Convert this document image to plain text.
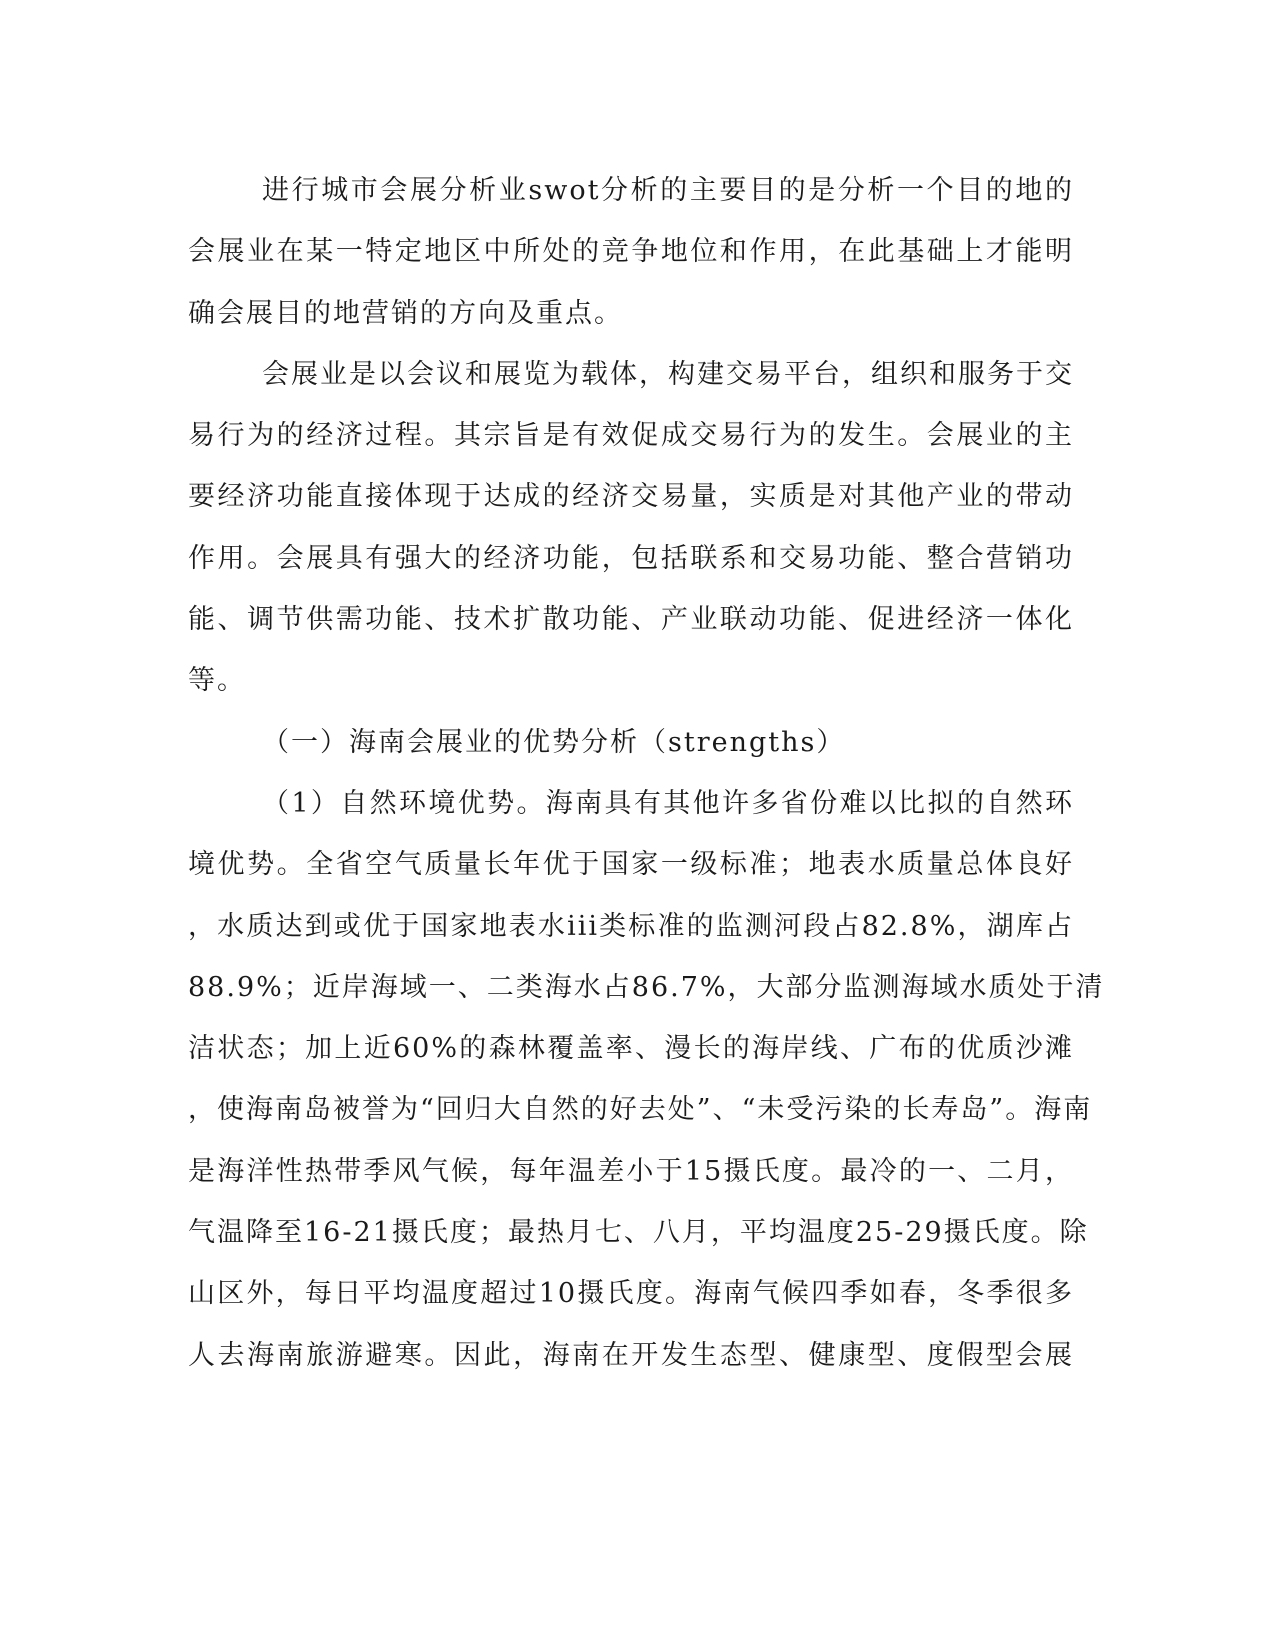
进行城市会展分析业swot分析的主要目的是分析一个目的地的
会展业在某一特定地区中所处的竞争地位和作用，在此基础上才能明
确会展目的地营销的方向及重点。
会展业是以会议和展览为载体，构建交易平台，组织和服务于交
易行为的经济过程。其宗旨是有效促成交易行为的发生。会展业的主
要经济功能直接体现于达成的经济交易量，实质是对其他产业的带动
作用。会展具有强大的经济功能，包括联系和交易功能、整合营销功
能、调节供需功能、技术扩散功能、产业联动功能、促进经济一体化
等。
（一）海南会展业的优势分析（strengths）
（1）自然环境优势。海南具有其他许多省份难以比拟的自然环
境优势。全省空气质量长年优于国家一级标准；地表水质量总体良好
，水质达到或优于国家地表水iii类标准的监测河段占82.8%，湖库占
88.9%；近岸海域一、二类海水占86.7%，大部分监测海域水质处于清
洁状态；加上近60%的森林覆盖率、漫长的海岸线、广布的优质沙滩
，使海南岛被誉为“回归大自然的好去处”、“未受污染的长寿岛”。海南
是海洋性热带季风气候，每年温差小于15摄氏度。最冷的一、二月，
气温降至16-21摄氏度；最热月七、八月，平均温度25-29摄氏度。除
山区外，每日平均温度超过10摄氏度。海南气候四季如春，冬季很多
人去海南旅游避寒。因此，海南在开发生态型、健康型、度假型会展
